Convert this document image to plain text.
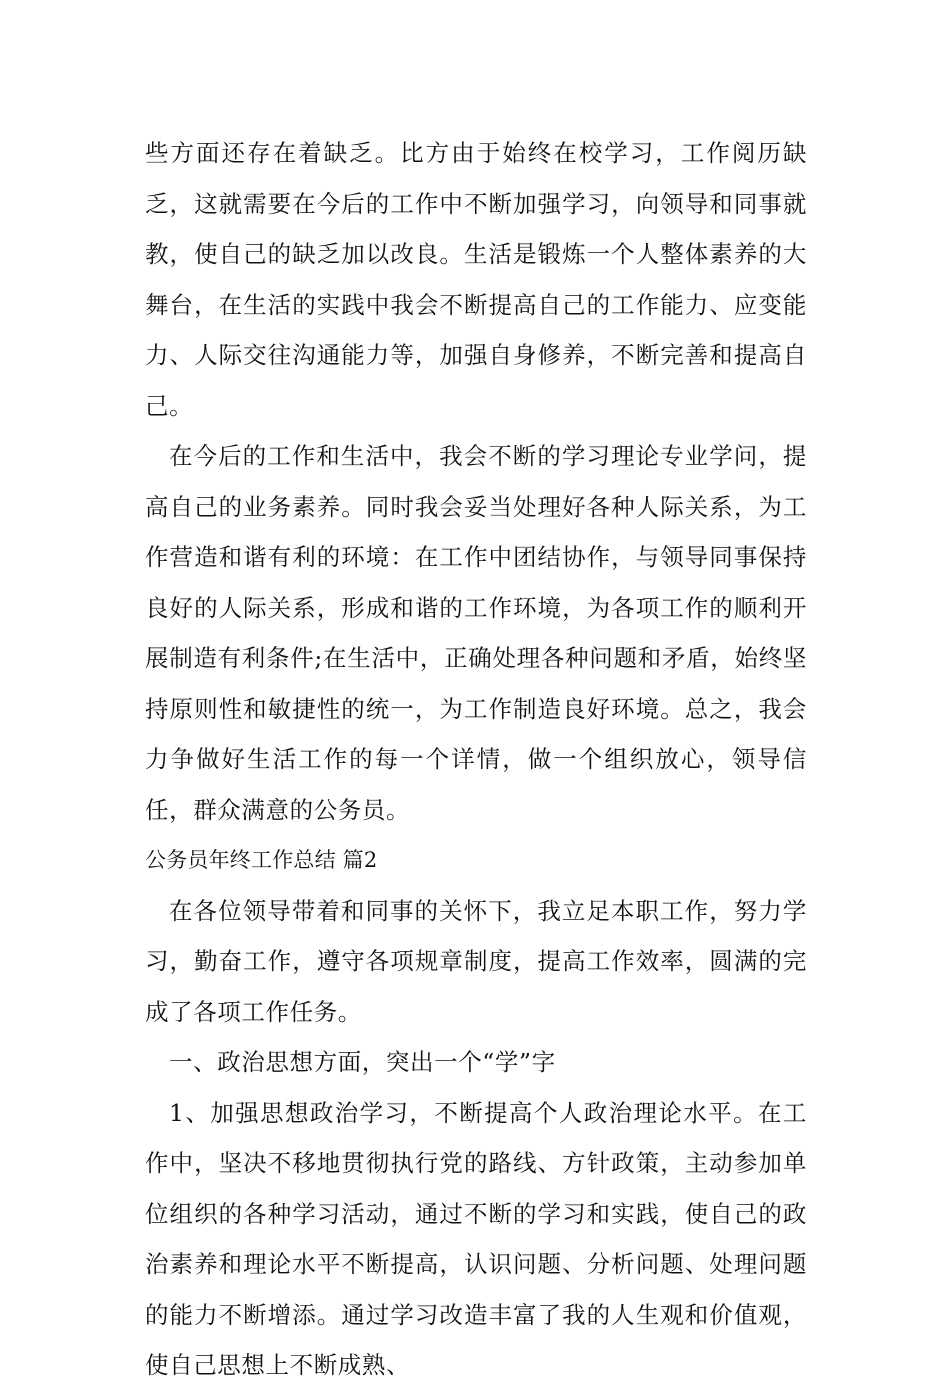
些方面还存在着缺乏。比方由于始终在校学习，工作阅历缺乏，这就需要在今后的工作中不断加强学习，向领导和同事就教，使自己的缺乏加以改良。生活是锻炼一个人整体素养的大舞台，在生活的实践中我会不断提高自己的工作能力、应变能力、人际交往沟通能力等，加强自身修养，不断完善和提高自己。

在今后的工作和生活中，我会不断的学习理论专业学问，提高自己的业务素养。同时我会妥当处理好各种人际关系，为工作营造和谐有利的环境：在工作中团结协作，与领导同事保持良好的人际关系，形成和谐的工作环境，为各项工作的顺利开展制造有利条件;在生活中，正确处理各种问题和矛盾，始终坚持原则性和敏捷性的统一，为工作制造良好环境。总之，我会力争做好生活工作的每一个详情，做一个组织放心，领导信任，群众满意的公务员。

公务员年终工作总结 篇2

在各位领导带着和同事的关怀下，我立足本职工作，努力学习，勤奋工作，遵守各项规章制度，提高工作效率，圆满的完成了各项工作任务。

一、政治思想方面，突出一个“学”字

1、加强思想政治学习，不断提高个人政治理论水平。在工作中，坚决不移地贯彻执行党的路线、方针政策，主动参加单位组织的各种学习活动，通过不断的学习和实践，使自己的政治素养和理论水平不断提高，认识问题、分析问题、处理问题的能力不断增添。通过学习改造丰富了我的人生观和价值观，使自己思想上不断成熟、
